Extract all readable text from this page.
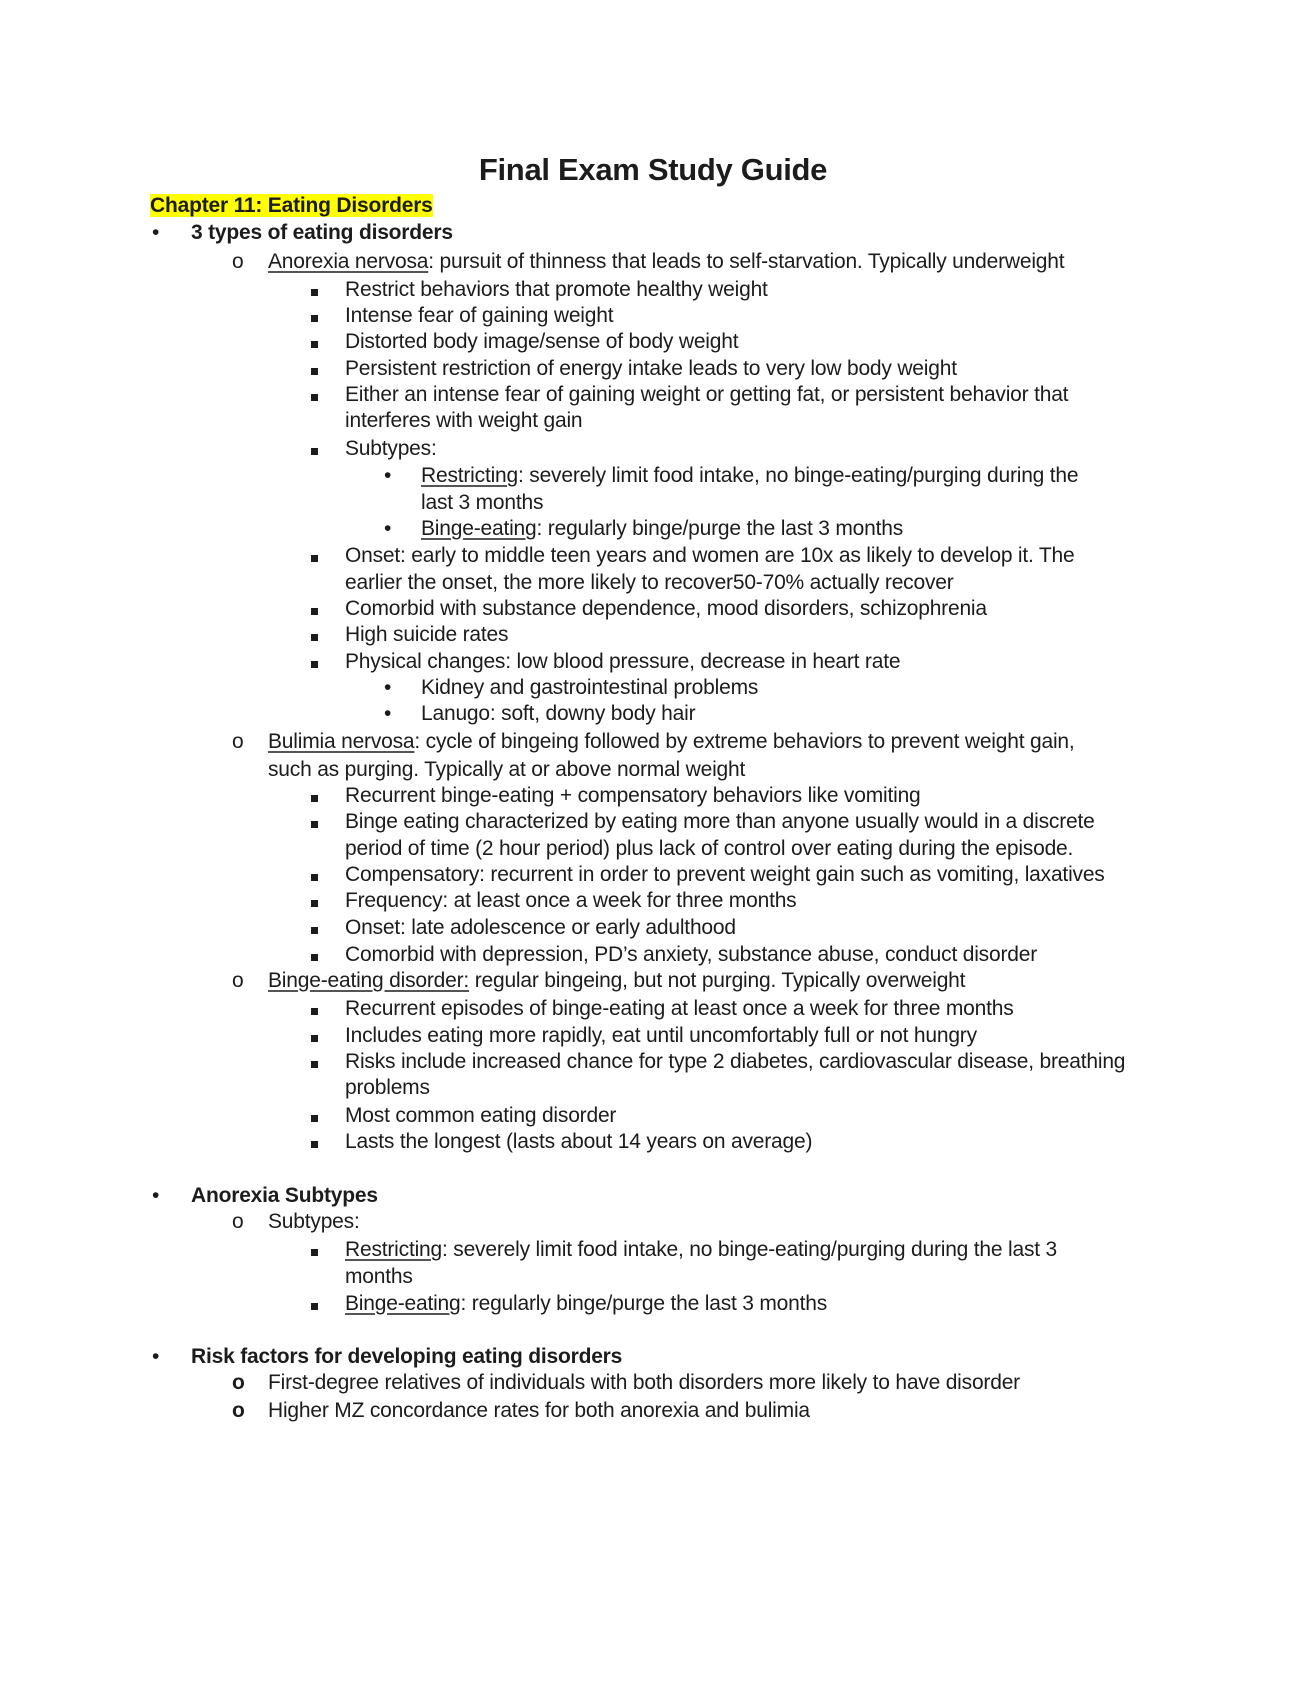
Final Exam Study Guide
Chapter 11: Eating Disorders
• 3 types of eating disorders
o Anorexia nervosa: pursuit of thinness that leads to self-starvation. Typically underweight
Restrict behaviors that promote healthy weight
Intense fear of gaining weight
Distorted body image/sense of body weight
Persistent restriction of energy intake leads to very low body weight
Either an intense fear of gaining weight or getting fat, or persistent behavior that
interferes with weight gain
Subtypes:
• Restricting: severely limit food intake, no binge-eating/purging during the
last 3 months
• Binge-eating: regularly binge/purge the last 3 months
Onset: early to middle teen years and women are 10x as likely to develop it. The
earlier the onset, the more likely to recover50-70% actually recover
Comorbid with substance dependence, mood disorders, schizophrenia
High suicide rates
Physical changes: low blood pressure, decrease in heart rate
• Kidney and gastrointestinal problems
• Lanugo: soft, downy body hair
o Bulimia nervosa: cycle of bingeing followed by extreme behaviors to prevent weight gain,
such as purging. Typically at or above normal weight
Recurrent binge-eating + compensatory behaviors like vomiting
Binge eating characterized by eating more than anyone usually would in a discrete
period of time (2 hour period) plus lack of control over eating during the episode.
Compensatory: recurrent in order to prevent weight gain such as vomiting, laxatives
Frequency: at least once a week for three months
Onset: late adolescence or early adulthood
Comorbid with depression, PD’s anxiety, substance abuse, conduct disorder
o Binge-eating disorder: regular bingeing, but not purging. Typically overweight
Recurrent episodes of binge-eating at least once a week for three months
Includes eating more rapidly, eat until uncomfortably full or not hungry
Risks include increased chance for type 2 diabetes, cardiovascular disease, breathing
problems
Most common eating disorder
Lasts the longest (lasts about 14 years on average)
• Anorexia Subtypes
o Subtypes:
Restricting: severely limit food intake, no binge-eating/purging during the last 3
months
Binge-eating: regularly binge/purge the last 3 months
• Risk factors for developing eating disorders
o First-degree relatives of individuals with both disorders more likely to have disorder
o Higher MZ concordance rates for both anorexia and bulimia
